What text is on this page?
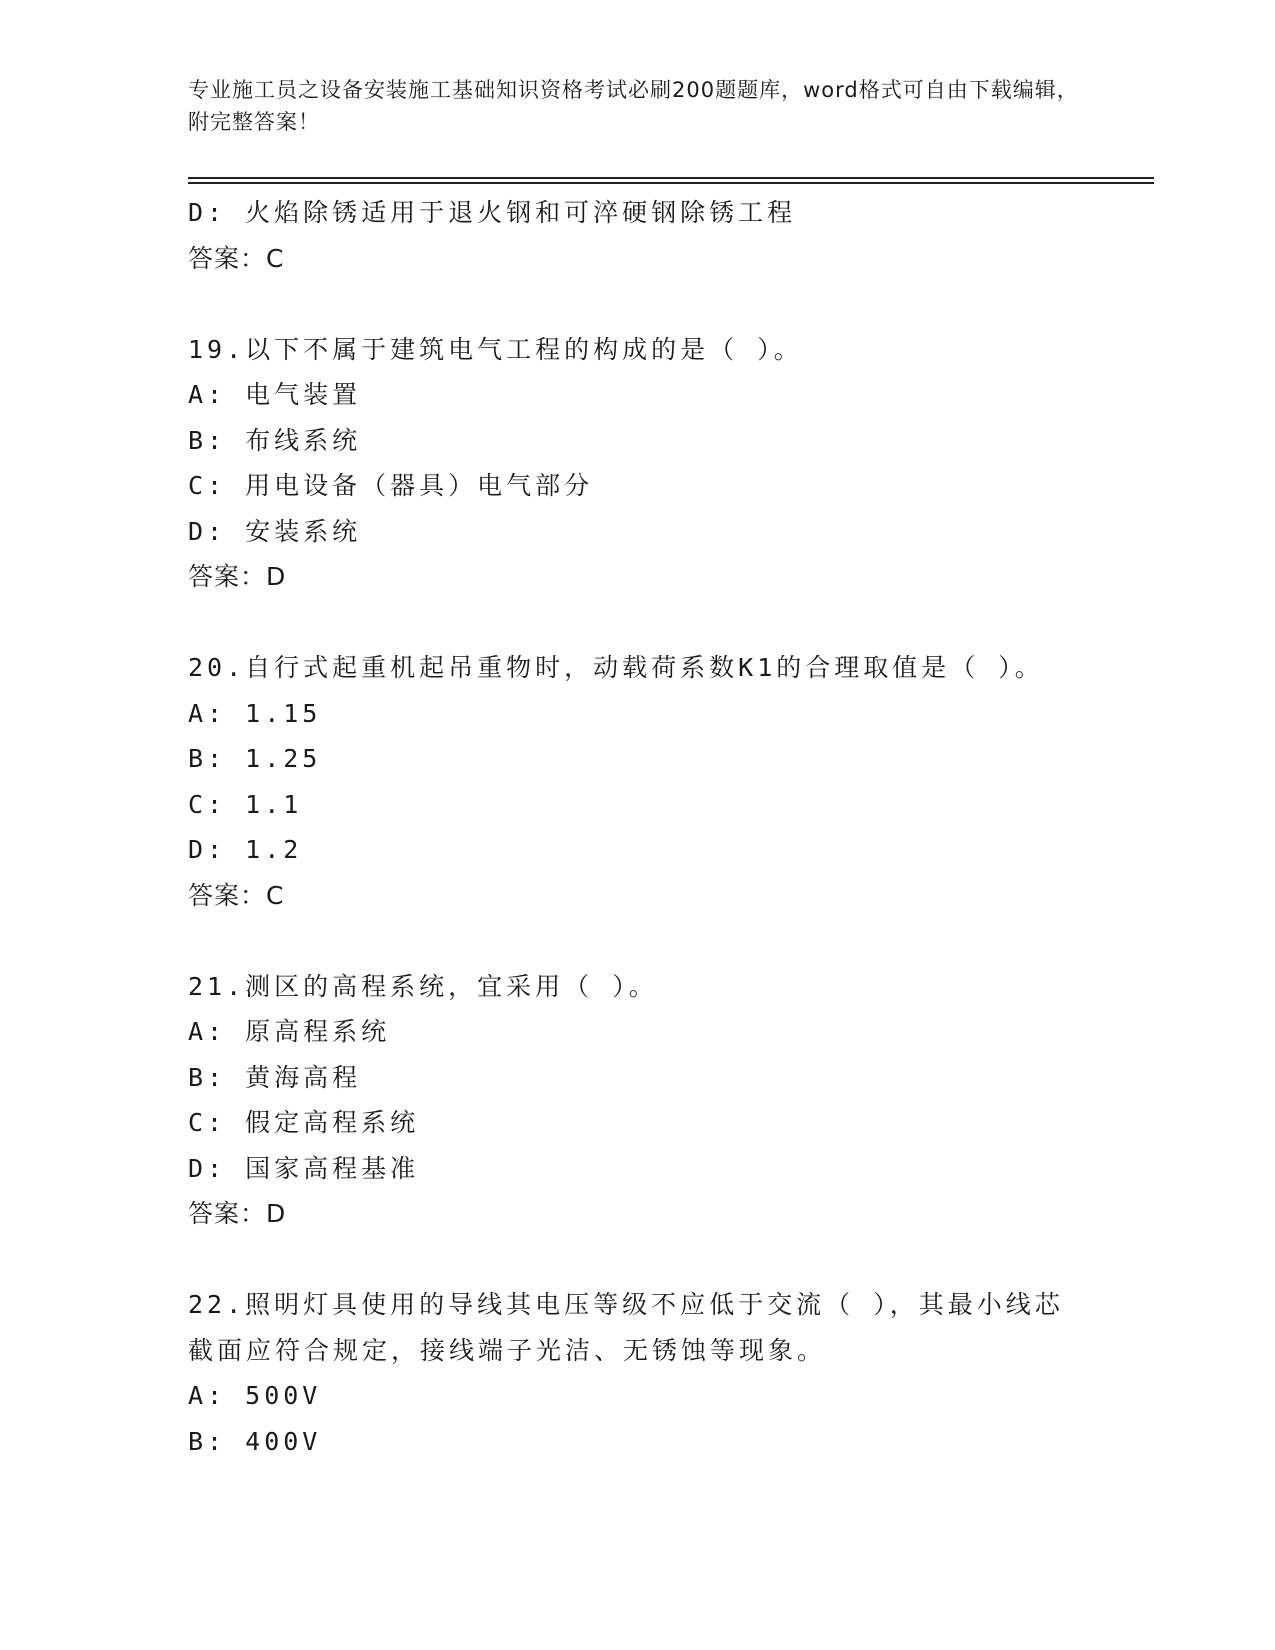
专业施工员之设备安装施工基础知识资格考试必刷200题题库，word格式可自由下载编辑，附完整答案！
D: 火焰除锈适用于退火钢和可淬硬钢除锈工程
答案：C
19.以下不属于建筑电气工程的构成的是（ ）。
A: 电气装置
B: 布线系统
C: 用电设备（器具）电气部分
D: 安装系统
答案：D
20.自行式起重机起吊重物时，动载荷系数K1的合理取值是（ ）。
A: 1.15
B: 1.25
C: 1.1
D: 1.2
答案：C
21.测区的高程系统，宜采用（ ）。
A: 原高程系统
B: 黄海高程
C: 假定高程系统
D: 国家高程基准
答案：D
22.照明灯具使用的导线其电压等级不应低于交流（ ），其最小线芯
截面应符合规定，接线端子光洁、无锈蚀等现象。
A: 500V
B: 400V
